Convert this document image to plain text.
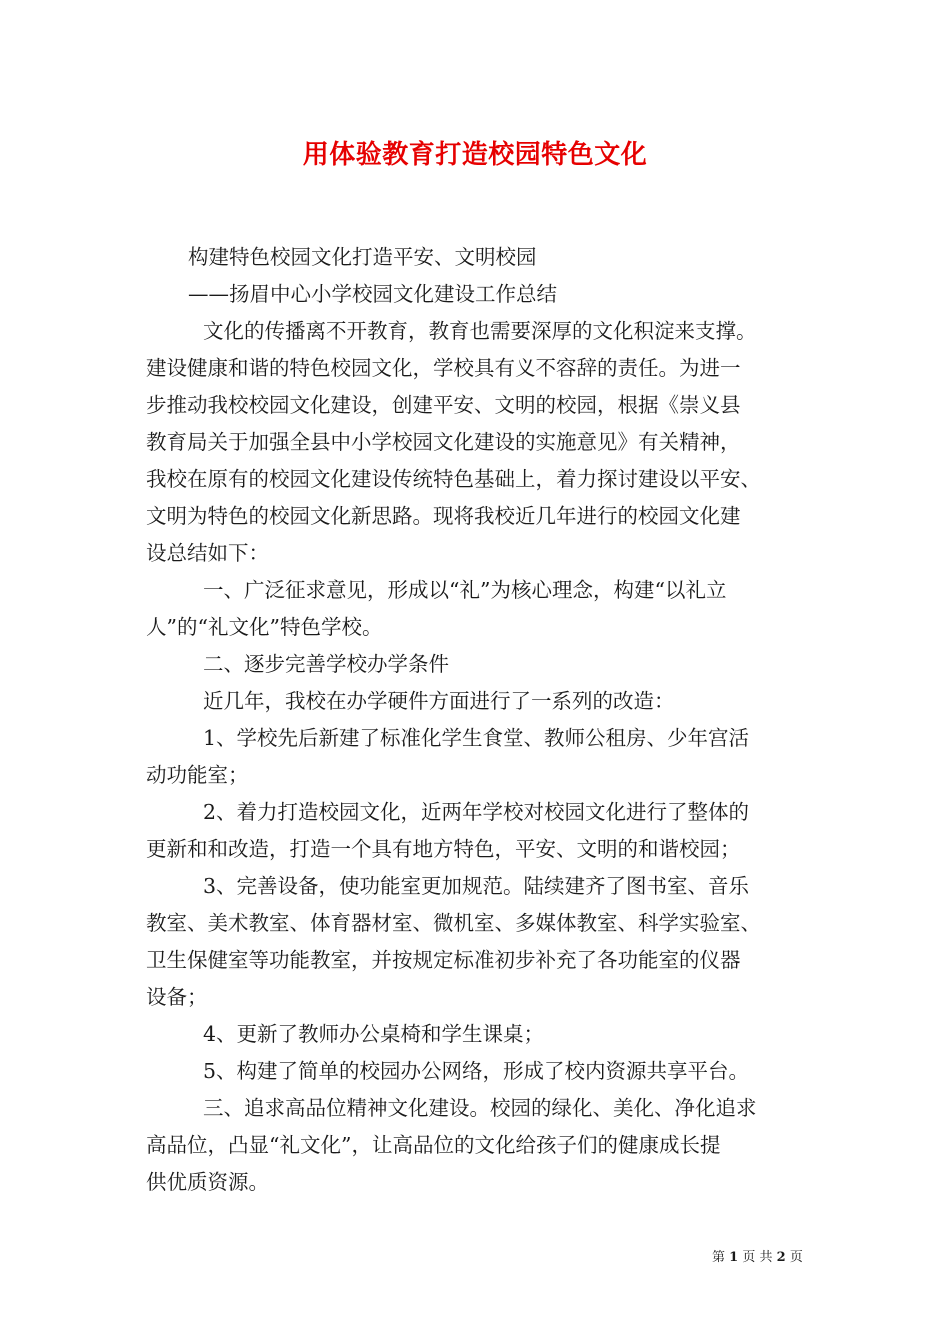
用体验教育打造校园特色文化
构建特色校园文化打造平安、文明校园
——扬眉中心小学校园文化建设工作总结
文化的传播离不开教育，教育也需要深厚的文化积淀来支撑。
建设健康和谐的特色校园文化，学校具有义不容辞的责任。为进一
步推动我校校园文化建设，创建平安、文明的校园，根据《崇义县
教育局关于加强全县中小学校园文化建设的实施意见》有关精神，
我校在原有的校园文化建设传统特色基础上，着力探讨建设以平安、
文明为特色的校园文化新思路。现将我校近几年进行的校园文化建
设总结如下：
一、广泛征求意见，形成以“礼”为核心理念，构建“以礼立
人”的“礼文化”特色学校。
二、逐步完善学校办学条件
近几年，我校在办学硬件方面进行了一系列的改造：
1、学校先后新建了标准化学生食堂、教师公租房、少年宫活
动功能室；
2、着力打造校园文化，近两年学校对校园文化进行了整体的
更新和和改造，打造一个具有地方特色，平安、文明的和谐校园；
3、完善设备，使功能室更加规范。陆续建齐了图书室、音乐
教室、美术教室、体育器材室、微机室、多媒体教室、科学实验室、
卫生保健室等功能教室，并按规定标准初步补充了各功能室的仪器
设备；
4、更新了教师办公桌椅和学生课桌；
5、构建了简单的校园办公网络，形成了校内资源共享平台。
三、追求高品位精神文化建设。校园的绿化、美化、净化追求
高品位，凸显“礼文化”，让高品位的文化给孩子们的健康成长提
供优质资源。
第 1 页 共 2 页
